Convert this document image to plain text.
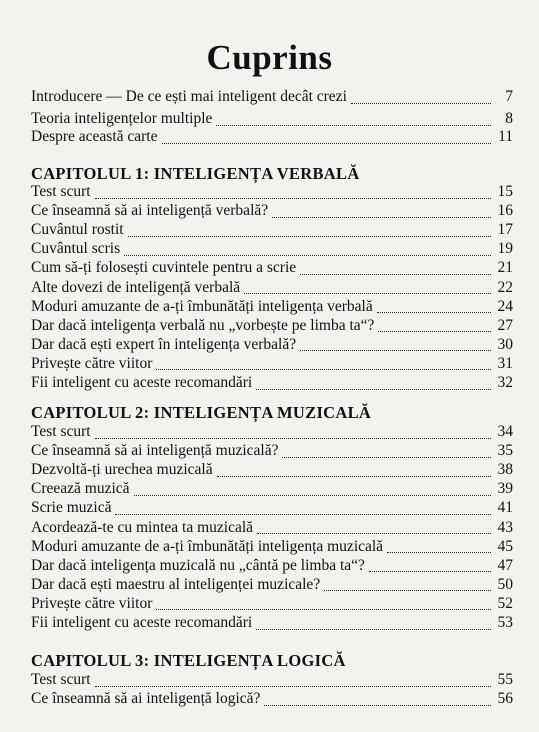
Cuprins
Introducere — De ce ești mai inteligent decât crezi	7
Teoria inteligențelor multiple	8
Despre această carte	11
CAPITOLUL 1: INTELIGENȚA VERBALĂ
Test scurt	15
Ce înseamnă să ai inteligență verbală?	16
Cuvântul rostit	17
Cuvântul scris	19
Cum să-ți folosești cuvintele pentru a scrie	21
Alte dovezi de inteligență verbală	22
Moduri amuzante de a-ți îmbunătăți inteligența verbală	24
Dar dacă inteligența verbală nu „vorbește pe limba ta“?	27
Dar dacă ești expert în inteligența verbală?	30
Privește către viitor	31
Fii inteligent cu aceste recomandări	32
CAPITOLUL 2: INTELIGENȚA MUZICALĂ
Test scurt	34
Ce înseamnă să ai inteligență muzicală?	35
Dezvoltă-ți urechea muzicală	38
Creează muzică	39
Scrie muzică	41
Acordează-te cu mintea ta muzicală	43
Moduri amuzante de a-ți îmbunătăți inteligența muzicală	45
Dar dacă inteligența muzicală nu „cântă pe limba ta“?	47
Dar dacă ești maestru al inteligenței muzicale?	50
Privește către viitor	52
Fii inteligent cu aceste recomandări	53
CAPITOLUL 3: INTELIGENȚA LOGICĂ
Test scurt	55
Ce înseamnă să ai inteligență logică?	56
